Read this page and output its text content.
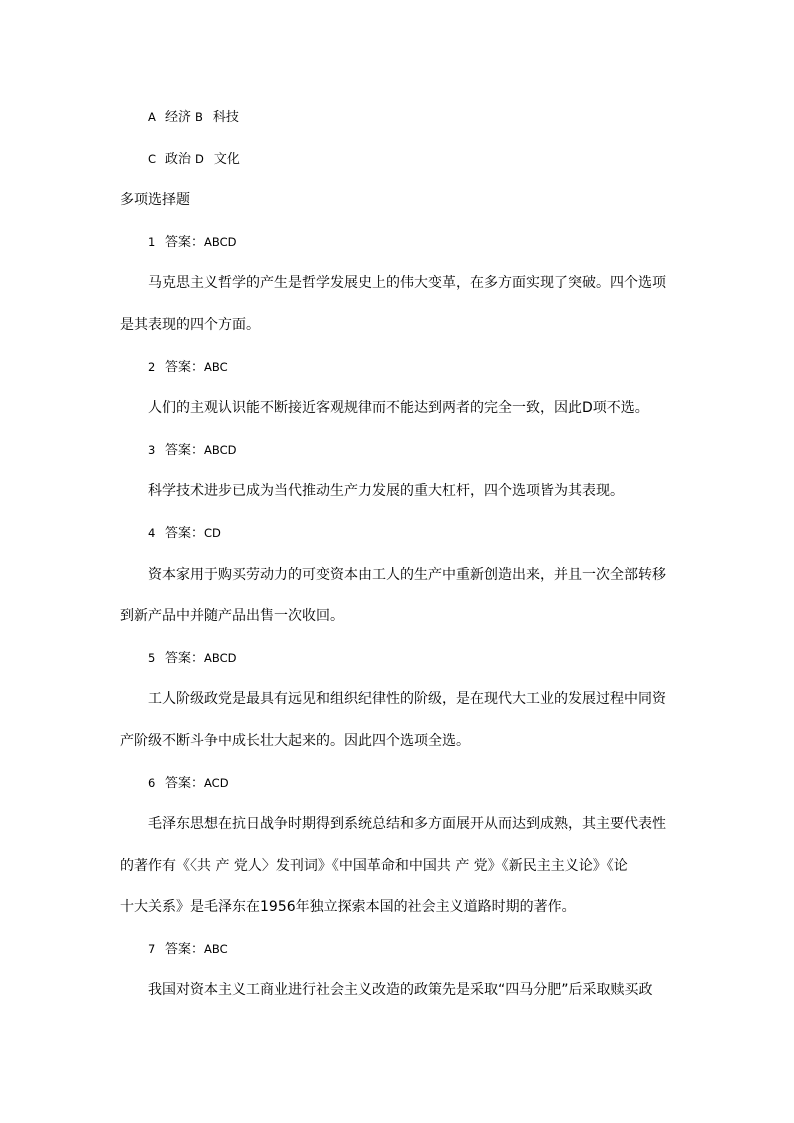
A 经济 B 科技
C 政治 D 文化
多项选择题
1 答案：ABCD
马克思主义哲学的产生是哲学发展史上的伟大变革，在多方面实现了突破。四个选项
是其表现的四个方面。
2 答案：ABC
人们的主观认识能不断接近客观规律而不能达到两者的完全一致，因此D项不选。
3 答案：ABCD
科学技术进步已成为当代推动生产力发展的重大杠杆，四个选项皆为其表现。
4 答案：CD
资本家用于购买劳动力的可变资本由工人的生产中重新创造出来，并且一次全部转移
到新产品中并随产品出售一次收回。
5 答案：ABCD
工人阶级政党是最具有远见和组织纪律性的阶级，是在现代大工业的发展过程中同资
产阶级不断斗争中成长壮大起来的。因此四个选项全选。
6 答案：ACD
毛泽东思想在抗日战争时期得到系统总结和多方面展开从而达到成熟，其主要代表性
的著作有《〈共 产 党人〉发刊词》《中国革命和中国共 产 党》《新民主主义论》《论
十大关系》是毛泽东在1956年独立探索本国的社会主义道路时期的著作。
7 答案：ABC
我国对资本主义工商业进行社会主义改造的政策先是采取“四马分肥”后采取赎买政
